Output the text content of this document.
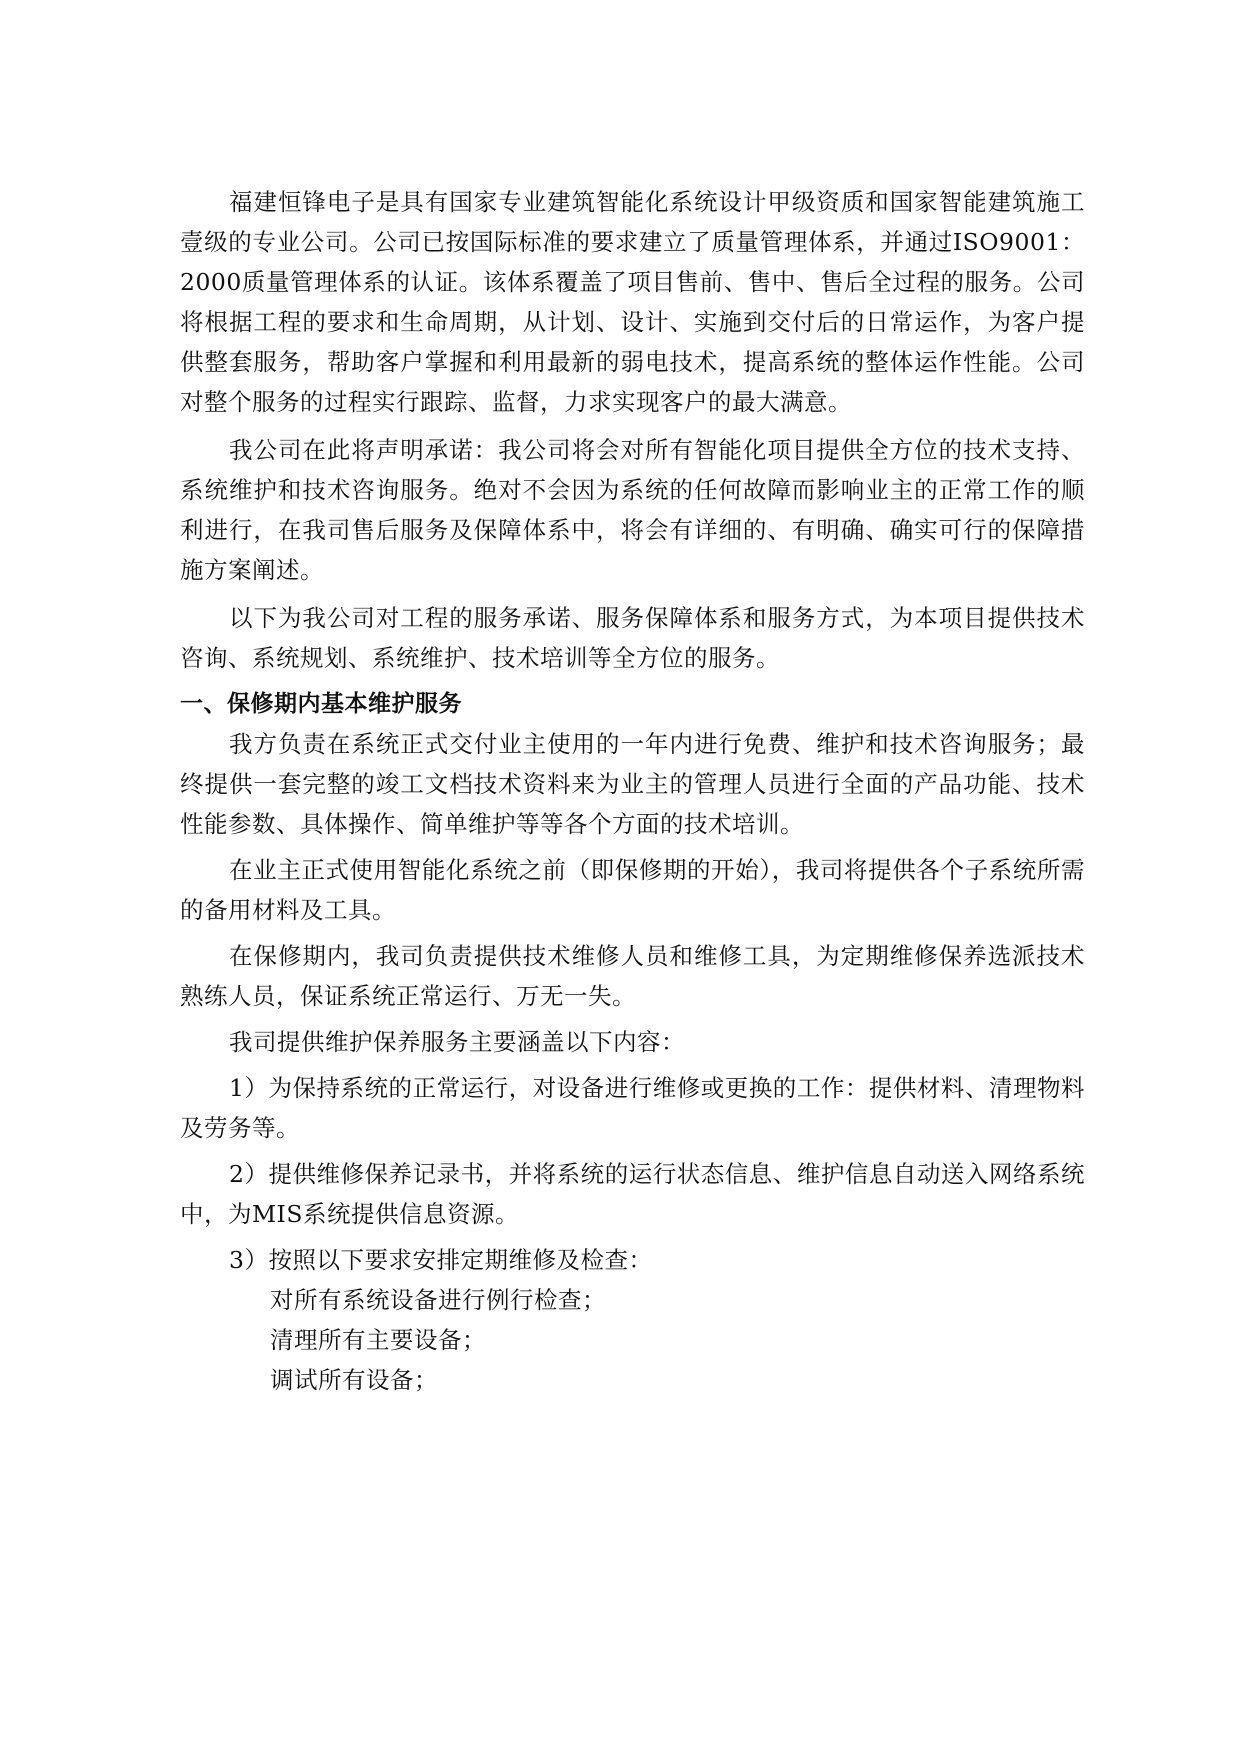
福建恒锋电子是具有国家专业建筑智能化系统设计甲级资质和国家智能建筑施工壹级的专业公司。公司已按国际标准的要求建立了质量管理体系，并通过ISO9001：2000质量管理体系的认证。该体系覆盖了项目售前、售中、售后全过程的服务。公司将根据工程的要求和生命周期，从计划、设计、实施到交付后的日常运作，为客户提供整套服务，帮助客户掌握和利用最新的弱电技术，提高系统的整体运作性能。公司对整个服务的过程实行跟踪、监督，力求实现客户的最大满意。

我公司在此将声明承诺：我公司将会对所有智能化项目提供全方位的技术支持、系统维护和技术咨询服务。绝对不会因为系统的任何故障而影响业主的正常工作的顺利进行，在我司售后服务及保障体系中，将会有详细的、有明确、确实可行的保障措施方案阐述。

以下为我公司对工程的服务承诺、服务保障体系和服务方式，为本项目提供技术咨询、系统规划、系统维护、技术培训等全方位的服务。

一、保修期内基本维护服务

我方负责在系统正式交付业主使用的一年内进行免费、维护和技术咨询服务；最终提供一套完整的竣工文档技术资料来为业主的管理人员进行全面的产品功能、技术性能参数、具体操作、简单维护等等各个方面的技术培训。

在业主正式使用智能化系统之前（即保修期的开始），我司将提供各个子系统所需的备用材料及工具。

在保修期内，我司负责提供技术维修人员和维修工具，为定期维修保养选派技术熟练人员，保证系统正常运行、万无一失。

我司提供维护保养服务主要涵盖以下内容：

1）为保持系统的正常运行，对设备进行维修或更换的工作：提供材料、清理物料及劳务等。

2）提供维修保养记录书，并将系统的运行状态信息、维护信息自动送入网络系统中，为MIS系统提供信息资源。

3）按照以下要求安排定期维修及检查：

对所有系统设备进行例行检查；

清理所有主要设备；

调试所有设备；
